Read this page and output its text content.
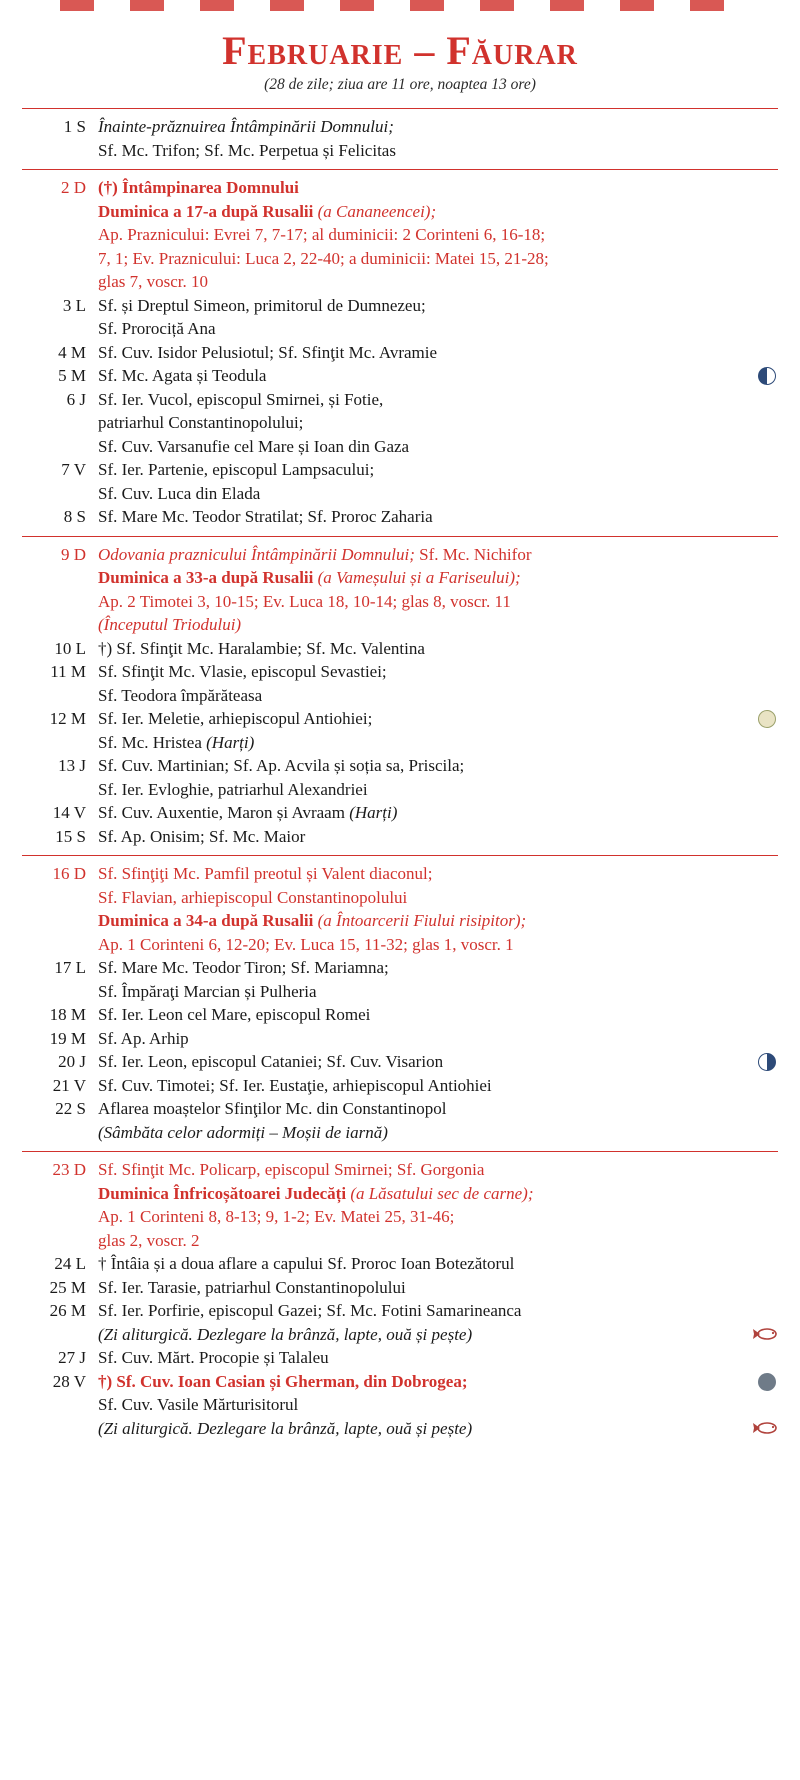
Februarie – Făurar

(28 de zile; ziua are 11 ore, noaptea 13 ore)

1 S Înainte-prăznuirea Întâmpinării Domnului;
Sf. Mc. Trifon; Sf. Mc. Perpetua și Felicitas
2 D (†) Întâmpinarea Domnului
Duminica a 17-a după Rusalii (a Cananeencei);
Ap. Praznicului: Evrei 7, 7-17; al duminicii: 2 Corinteni 6, 16-18;
7, 1; Ev. Praznicului: Luca 2, 22-40; a duminicii: Matei 15, 21-28;
glas 7, voscr. 10
3 L Sf. și Dreptul Simeon, primitorul de Dumnezeu;
Sf. Prorociță Ana
4 M Sf. Cuv. Isidor Pelusiotul; Sf. Sfinţit Mc. Avramie
5 M Sf. Mc. Agata și Teodula
6 J Sf. Ier. Vucol, episcopul Smirnei, și Fotie,
patriarhul Constantinopolului;
Sf. Cuv. Varsanufie cel Mare și Ioan din Gaza
7 V Sf. Ier. Partenie, episcopul Lampsacului;
Sf. Cuv. Luca din Elada
8 S Sf. Mare Mc. Teodor Stratilat; Sf. Proroc Zaharia
9 D Odovania praznicului Întâmpinării Domnului; Sf. Mc. Nichifor
Duminica a 33-a după Rusalii (a Vameșului și a Fariseului);
Ap. 2 Timotei 3, 10-15; Ev. Luca 18, 10-14; glas 8, voscr. 11
(Începutul Triodului)
10 L †) Sf. Sfinţit Mc. Haralambie; Sf. Mc. Valentina
11 M Sf. Sfinţit Mc. Vlasie, episcopul Sevastiei;
Sf. Teodora împărăteasa
12 M Sf. Ier. Meletie, arhiepiscopul Antiohiei;
Sf. Mc. Hristea (Harți)
13 J Sf. Cuv. Martinian; Sf. Ap. Acvila și soția sa, Priscila;
Sf. Ier. Evloghie, patriarhul Alexandriei
14 V Sf. Cuv. Auxentie, Maron și Avraam (Harți)
15 S Sf. Ap. Onisim; Sf. Mc. Maior
16 D Sf. Sfinţiţi Mc. Pamfil preotul și Valent diaconul;
Sf. Flavian, arhiepiscopul Constantinopolului
Duminica a 34-a după Rusalii (a Întoarcerii Fiului risipitor);
Ap. 1 Corinteni 6, 12-20; Ev. Luca 15, 11-32; glas 1, voscr. 1
17 L Sf. Mare Mc. Teodor Tiron; Sf. Mariamna;
Sf. Împăraţi Marcian și Pulheria
18 M Sf. Ier. Leon cel Mare, episcopul Romei
19 M Sf. Ap. Arhip
20 J Sf. Ier. Leon, episcopul Cataniei; Sf. Cuv. Visarion
21 V Sf. Cuv. Timotei; Sf. Ier. Eustaţie, arhiepiscopul Antiohiei
22 S Aflarea moaștelor Sfinţilor Mc. din Constantinopol
(Sâmbăta celor adormiți – Moșii de iarnă)
23 D Sf. Sfinţit Mc. Policarp, episcopul Smirnei; Sf. Gorgonia
Duminica Înfricoșătoarei Judecăți (a Lăsatului sec de carne);
Ap. 1 Corinteni 8, 8-13; 9, 1-2; Ev. Matei 25, 31-46;
glas 2, voscr. 2
24 L † Întâia și a doua aflare a capului Sf. Proroc Ioan Botezătorul
25 M Sf. Ier. Tarasie, patriarhul Constantinopolului
26 M Sf. Ier. Porfirie, episcopul Gazei; Sf. Mc. Fotini Samarineanca
(Zi aliturgică. Dezlegare la brânză, lapte, ouă și pește)
27 J Sf. Cuv. Mărt. Procopie și Talaleu
28 V †) Sf. Cuv. Ioan Casian și Gherman, din Dobrogea;
Sf. Cuv. Vasile Mărturisitorul
(Zi aliturgică. Dezlegare la brânză, lapte, ouă și pește)
